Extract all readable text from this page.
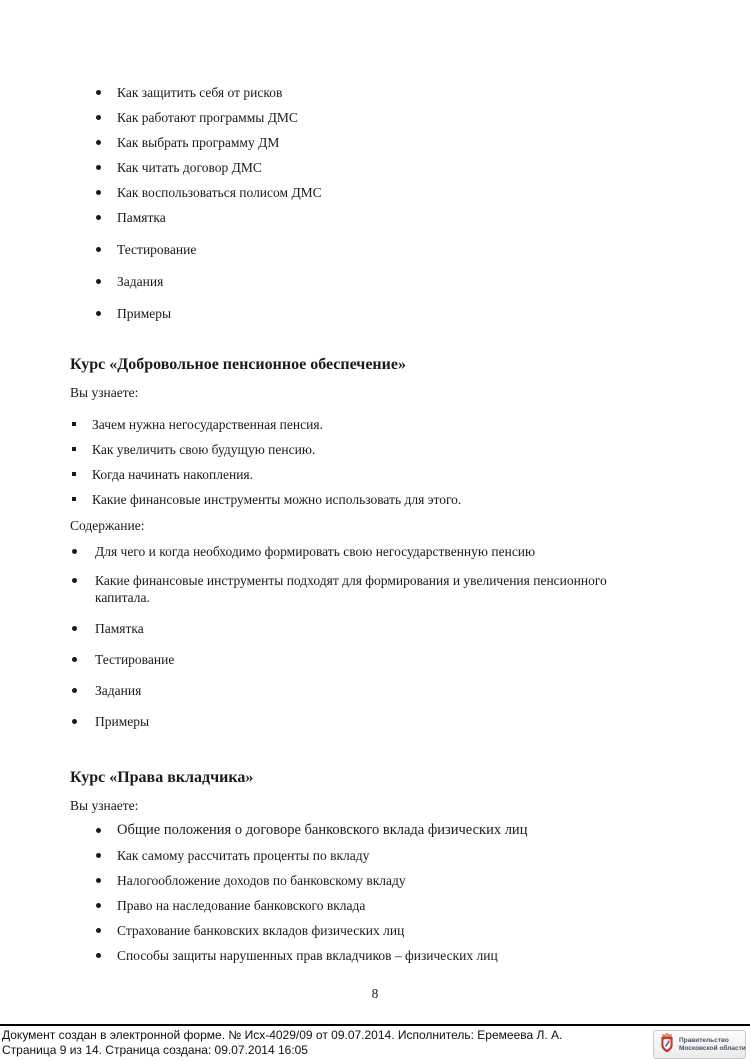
Как защитить себя от рисков
Как работают программы ДМС
Как выбрать программу ДМ
Как читать договор ДМС
Как воспользоваться полисом ДМС
Памятка
Тестирование
Задания
Примеры
Курс «Добровольное пенсионное обеспечение»

Вы узнаете:

Зачем нужна негосударственная пенсия.
Как увеличить свою будущую пенсию.
Когда начинать накопления.
Какие финансовые инструменты можно использовать для этого.

Содержание:

Для чего и когда необходимо формировать свою негосударственную пенсию
Какие финансовые инструменты подходят для формирования и увеличения пенсионного капитала.
Памятка
Тестирование
Задания
Примеры
Курс «Права вкладчика»

Вы узнаете:

Общие положения о договоре банковского вклада физических лиц
Как самому рассчитать проценты по вкладу
Налогообложение доходов по банковскому вкладу
Право на наследование банковского вклада
Страхование банковских вкладов физических лиц
Способы защиты нарушенных прав вкладчиков – физических лиц
8
Документ создан в электронной форме. № Исх-4029/09 от 09.07.2014. Исполнитель: Еремеева Л. А.
Страница 9 из 14. Страница создана: 09.07.2014 16:05
Правительство
Московской области
